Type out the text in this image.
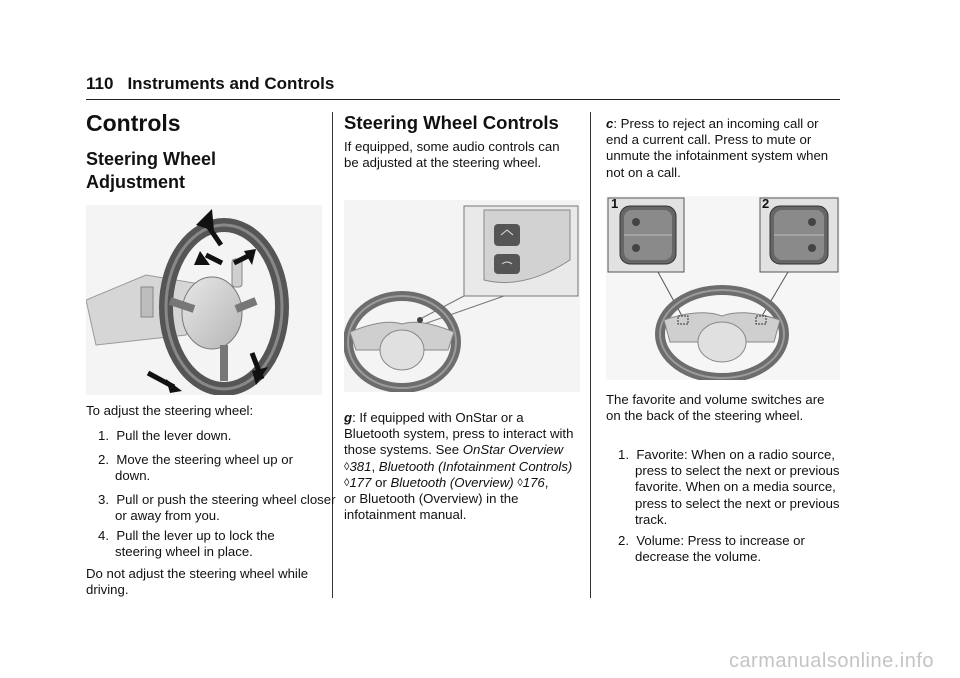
110 Instruments and Controls
Controls
Steering Wheel
Adjustment
To adjust the steering wheel:
1. Pull the lever down.
2. Move the steering wheel up or down.
3. Pull or push the steering wheel closer or away from you.
4. Pull the lever up to lock the steering wheel in place.
Do not adjust the steering wheel while driving.
Steering Wheel Controls
If equipped, some audio controls can be adjusted at the steering wheel.
g: If equipped with OnStar or a Bluetooth system, press to interact with those systems. See OnStar Overview ◊381, Bluetooth (Infotainment Controls) ◊177 or Bluetooth (Overview) ◊176,
or Bluetooth (Overview) in the infotainment manual.
c: Press to reject an incoming call or end a current call. Press to mute or unmute the infotainment system when not on a call.
1	2
The favorite and volume switches are on the back of the steering wheel.
1. Favorite: When on a radio source, press to select the next or previous favorite. When on a media source, press to select the next or previous track.
2. Volume: Press to increase or decrease the volume.
carmanualsonline.info
